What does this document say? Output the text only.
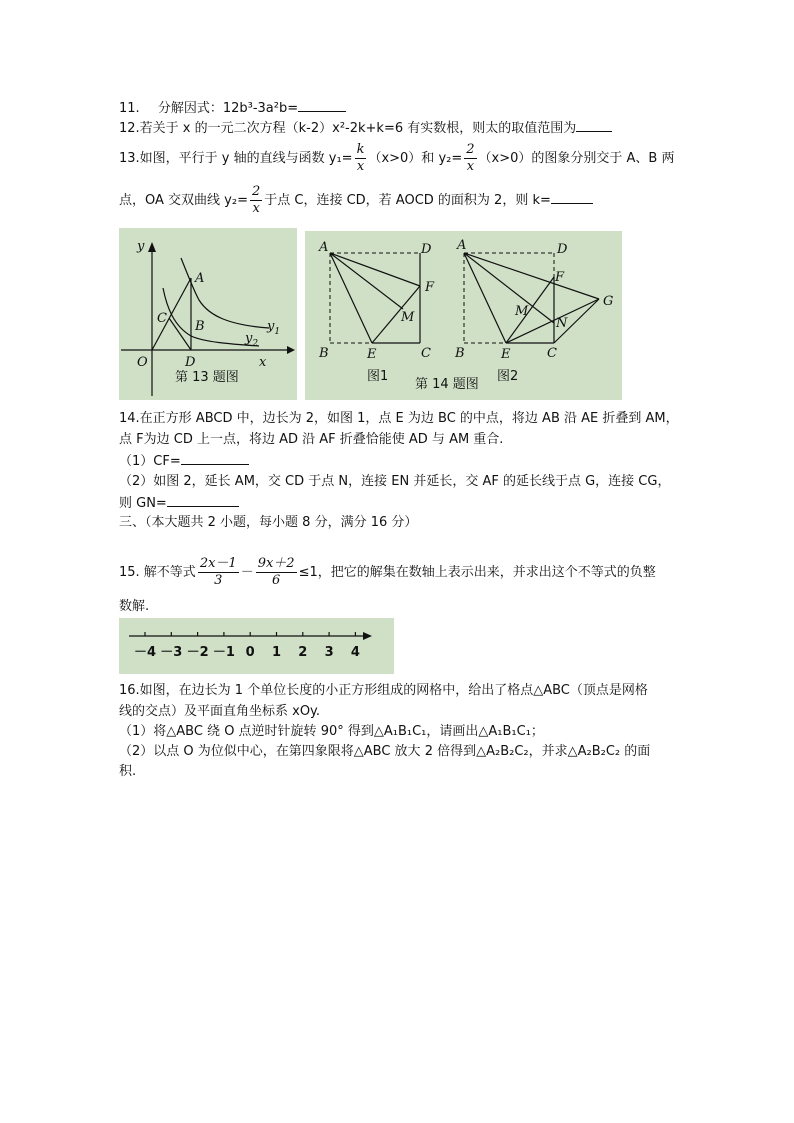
11. 分解因式：12b³-3a²b=
12.若关于 x 的一元二次方程（k-2）x²-2k+k=6 有实数根，则太的取值范围为
13.如图，平行于 y 轴的直线与函数 $y_1= \frac{k}{x} (x>0)$和 $y_2= \frac{2}{x} (x>0)$的图象分别交于 A、B 两
点，OA 交双曲线 $y_2= \frac{2}{x}$ 于点 C，连接 CD，若 AOCD 的面积为 2，则 k=
y
x
O
A
B
C
D
$y_1$
$y_2$
第 13 题图
A	D
F
M
B	E	C
A	D
F
G
M
N
B	E	C
图1
第 14 题图
图2
14.在正方形 ABCD 中，边长为 2，如图 1，点 E 为边 BC 的中点，将边 AB 沿 AE 折叠到 AM，
点 F为边 CD 上一点，将边 AD 沿 AF 折叠恰能使 AD 与 AM 重合.
（1）CF=
（2）如图 2，延长 AM，交 CD 于点 N，连接 EN 并延长，交 AF 的延长线于点 G，连接 CG，
则 GN=
三、（本大题共 2 小题，每小题 8 分，满分 16 分）
15. 解不等式 $\frac{2x-1}{3} - \frac{9x+2}{6} \le 1$，把它的解集在数轴上表示出来，并求出这个不等式的负整
数解.
－4 －3 －2 －1 0 1 2 3 4
16.如图，在边长为 1 个单位长度的小正方形组成的网格中，给出了格点△ABC（顶点是网格
线的交点）及平面直角坐标系 xOy.
（1）将△ABC 绕 O 点逆时针旋转 90° 得到△A₁B₁C₁，请画出△A₁B₁C₁；
（2）以点 O 为位似中心，在第四象限将△ABC 放大 2 倍得到△A₂B₂C₂，并求△A₂B₂C₂ 的面
积.
